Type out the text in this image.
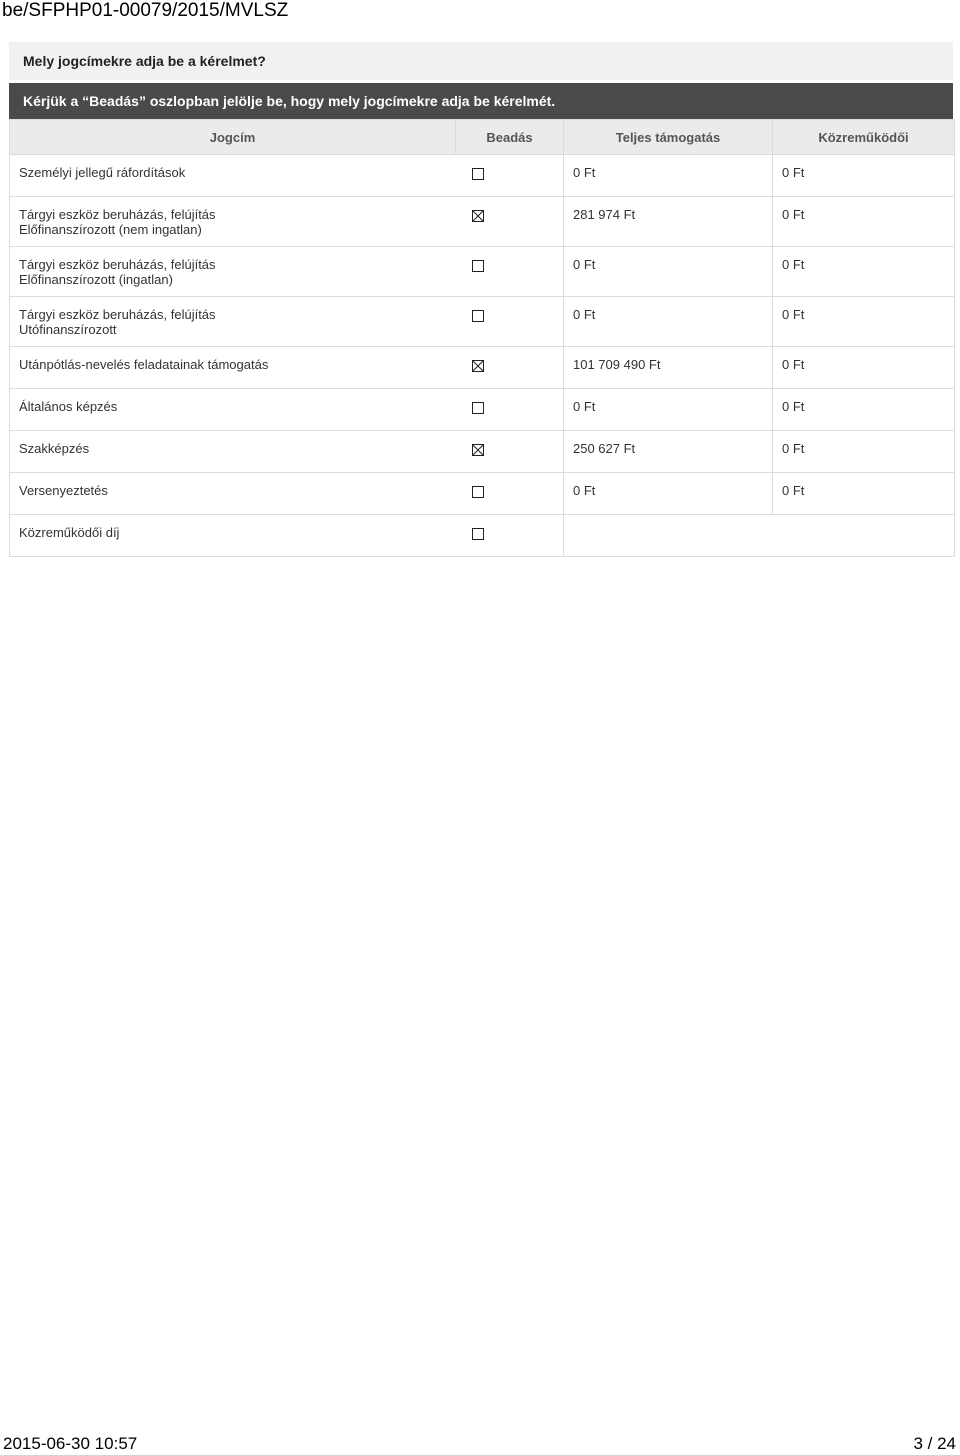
be/SFPHP01-00079/2015/MVLSZ
Mely jogcímekre adja be a kérelmet?
Kérjük a “Beadás” oszlopban jelölje be, hogy mely jogcímekre adja be kérelmét.
Jogcím	Beadás	Teljes támogatás	Közreműködői

Személyi jellegű ráfordítások		0 Ft	0 Ft

Tárgyi eszköz beruházás, felújítás
Előfinanszírozott (nem ingatlan)		281 974 Ft	0 Ft

Tárgyi eszköz beruházás, felújítás
Előfinanszírozott (ingatlan)		0 Ft	0 Ft

Tárgyi eszköz beruházás, felújítás
Utófinanszírozott		0 Ft	0 Ft

Utánpótlás-nevelés feladatainak támogatás		101 709 490 Ft	0 Ft

Általános képzés		0 Ft	0 Ft

Szakképzés		250 627 Ft	0 Ft

Versenyeztetés		0 Ft	0 Ft

Közreműködői díj			

2015-06-30 10:57	3 / 24
